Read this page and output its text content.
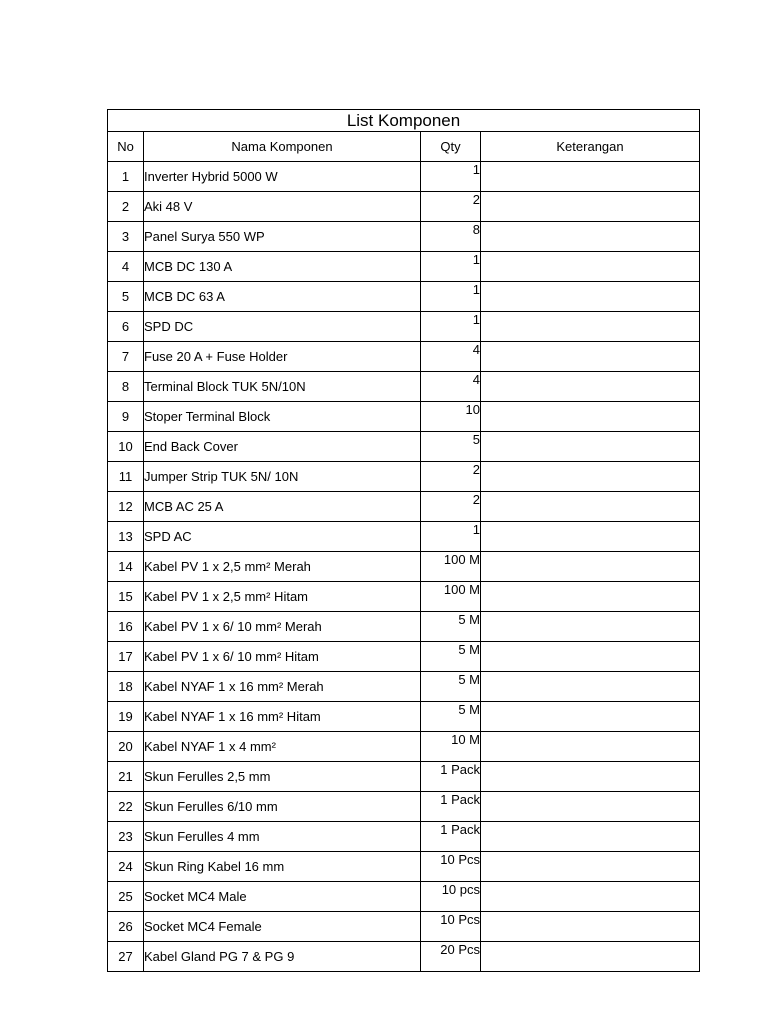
List Komponen			
No	Nama Komponen	Qty	Keterangan
1	Inverter Hybrid 5000 W	1	
2	Aki 48 V	2	
3	Panel Surya 550 WP	8	
4	MCB DC 130 A	1	
5	MCB DC 63 A	1	
6	SPD DC	1	
7	Fuse 20 A + Fuse Holder	4	
8	Terminal Block TUK 5N/10N	4	
9	Stoper Terminal Block	10	
10	End Back Cover	5	
11	Jumper Strip TUK 5N/ 10N	2	
12	MCB AC 25 A	2	
13	SPD AC	1	
14	Kabel PV 1 x 2,5 mm² Merah	100 M	
15	Kabel PV 1 x 2,5 mm² Hitam	100 M	
16	Kabel PV 1 x 6/ 10 mm² Merah	5 M	
17	Kabel PV 1 x 6/ 10 mm² Hitam	5 M	
18	Kabel NYAF 1 x 16 mm² Merah	5 M	
19	Kabel NYAF 1 x 16 mm² Hitam	5 M	
20	Kabel NYAF 1 x 4 mm²	10 M	
21	Skun Ferulles 2,5 mm	1 Pack	
22	Skun Ferulles 6/10 mm	1 Pack	
23	Skun Ferulles 4 mm	1 Pack	
24	Skun Ring Kabel 16 mm	10 Pcs	
25	Socket MC4 Male	10 pcs	
26	Socket MC4 Female	10 Pcs	
27	Kabel Gland PG 7 & PG 9	20 Pcs	
